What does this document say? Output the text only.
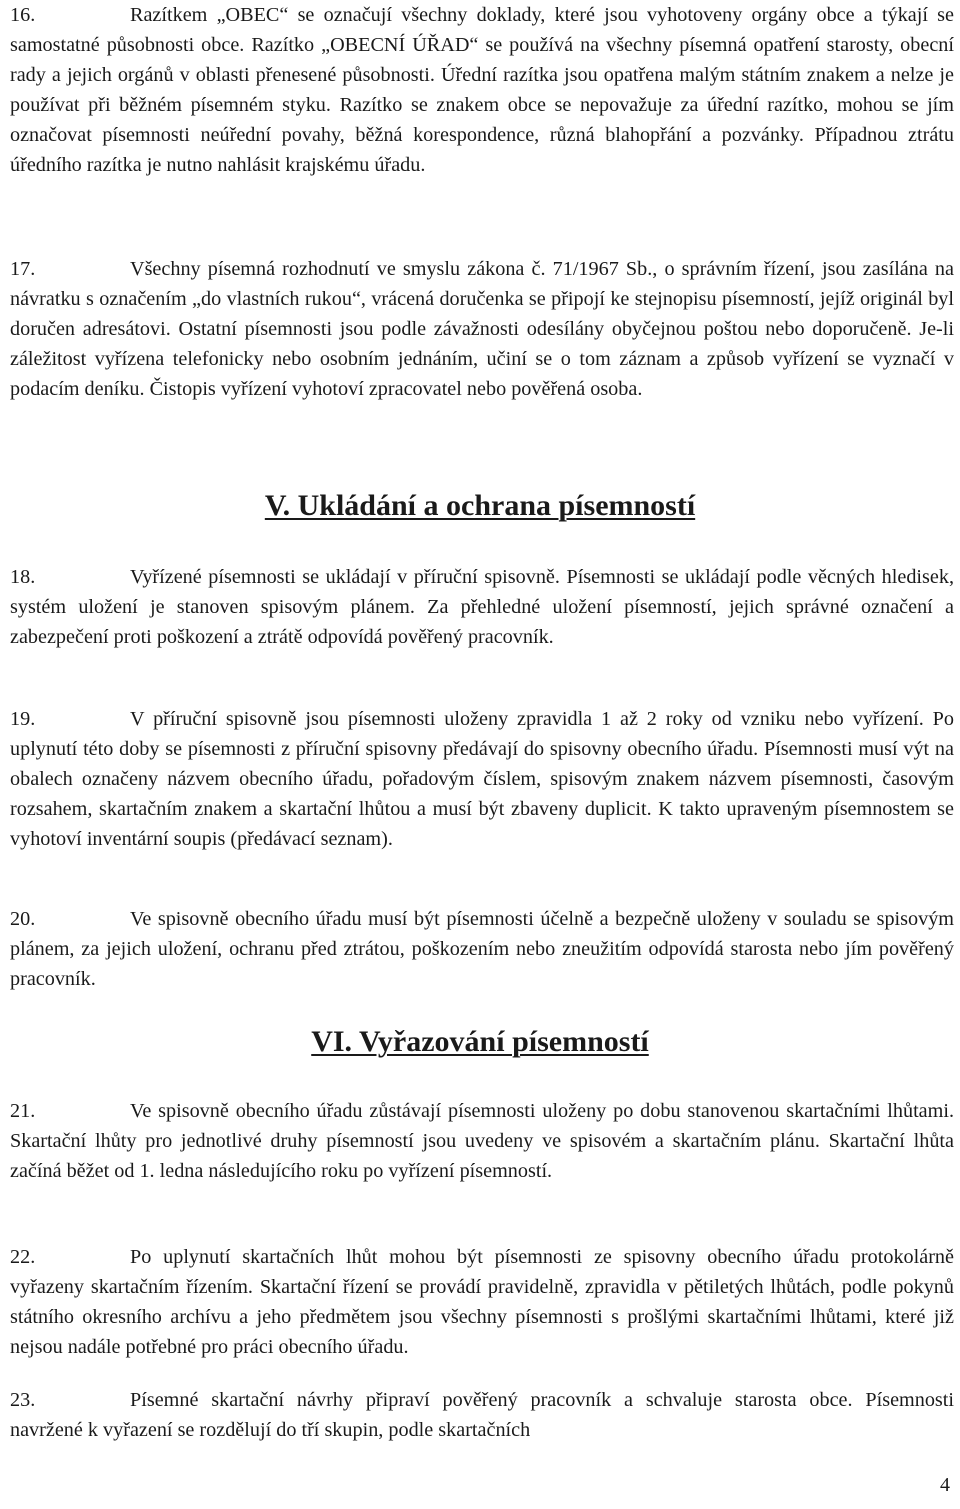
16.	Razítkem „OBEC“ se označují všechny doklady, které jsou vyhotoveny orgány obce a týkají se samostatné působnosti obce. Razítko „OBECNÍ ÚŘAD“ se používá na všechny písemná opatření starosty, obecní rady a jejich orgánů v oblasti přenesené působnosti. Úřední razítka jsou opatřena malým státním znakem a nelze je používat při běžném písemném styku. Razítko se znakem obce se nepovažuje za úřední razítko, mohou se jím označovat písemnosti neúřední povahy, běžná korespondence, různá blahopřání a pozvánky. Případnou ztrátu úředního razítka je nutno nahlásit krajskému úřadu.
17.	Všechny písemná rozhodnutí ve smyslu zákona č. 71/1967 Sb., o správním řízení, jsou zasílána na návratku s označením „do vlastních rukou“, vrácená doručenka se připojí ke stejnopisu písemností, jejíž originál byl doručen adresátovi. Ostatní písemnosti jsou podle závažnosti odesílány obyčejnou poštou nebo doporučeně. Je-li záležitost vyřízena telefonicky nebo osobním jednáním, učiní se o tom záznam a způsob vyřízení se vyznačí v podacím deníku. Čistopis vyřízení vyhotoví zpracovatel nebo pověřená osoba.
V. Ukládání a ochrana písemností
18.	Vyřízené písemnosti se ukládají v příruční spisovně. Písemnosti se ukládají podle věcných hledisek, systém uložení je stanoven spisovým plánem. Za přehledné uložení písemností, jejich správné označení a zabezpečení proti poškození a ztrátě odpovídá pověřený pracovník.
19.	V příruční spisovně jsou písemnosti uloženy zpravidla 1 až 2 roky od vzniku nebo vyřízení. Po uplynutí této doby se písemnosti z příruční spisovny předávají do spisovny obecního úřadu. Písemnosti musí výt na obalech označeny názvem obecního úřadu, pořadovým číslem, spisovým znakem názvem písemnosti, časovým rozsahem, skartačním znakem a skartační lhůtou a musí být zbaveny duplicit. K takto upraveným písemnostem se vyhotoví inventární soupis (předávací seznam).
20.	Ve spisovně obecního úřadu musí být písemnosti účelně a bezpečně uloženy v souladu se spisovým plánem, za jejich uložení, ochranu před ztrátou, poškozením nebo zneužitím odpovídá starosta nebo jím pověřený pracovník.
VI. Vyřazování písemností
21.	Ve spisovně obecního úřadu zůstávají písemnosti uloženy po dobu stanovenou skartačními lhůtami. Skartační lhůty pro jednotlivé druhy písemností jsou uvedeny ve spisovém a skartačním plánu. Skartační lhůta začíná běžet od 1. ledna následujícího roku po vyřízení písemností.
22.	Po uplynutí skartačních lhůt mohou být písemnosti ze spisovny obecního úřadu protokolárně vyřazeny skartačním řízením. Skartační řízení se provádí pravidelně, zpravidla v pětiletých lhůtách, podle pokynů státního okresního archívu a jeho předmětem jsou všechny písemnosti s prošlými skartačními lhůtami, které již nejsou nadále potřebné pro práci obecního úřadu.
23.	Písemné skartační návrhy připraví pověřený pracovník a schvaluje starosta obce. Písemnosti navržené k vyřazení se rozdělují do tří skupin, podle skartačních
4
